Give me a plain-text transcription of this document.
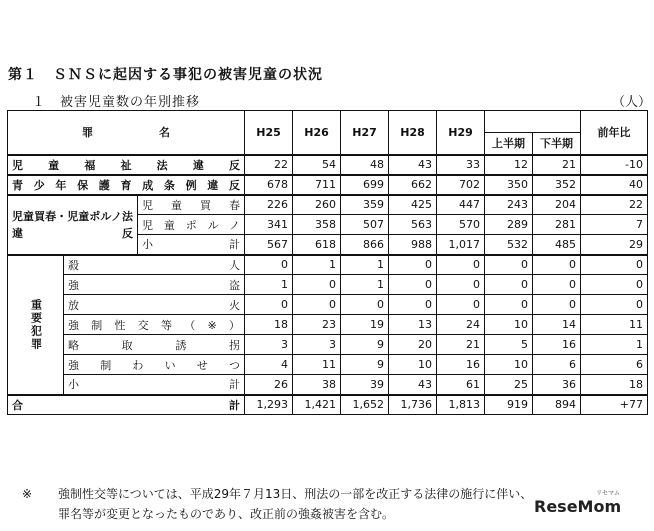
第１　ＳＮＳに起因する事犯の被害児童の状況
１　被害児童数の年別推移	（人）
罪 名			H25	H26	H27	H28	H29			前年比
								上半期	下半期	
児童福祉法違反			22	54	48	43	33	12	21	-10
青少年保護育成条例違反			678	711	699	662	702	350	352	40

児童買春・児童ポルノ法違反		児童買春	226	260	359	425	447	243	204	22
		児童ポルノ	341	358	507	563	570	289	281	7
		小計	567	618	866	988	1,017	532	485	29

重要犯罪	殺人		0	1	1	0	0	0	0	0
	強盗		1	0	1	0	0	0	0	0
	放火		0	0	0	0	0	0	0	0
	強制性交等（※）		18	23	19	13	24	10	14	11
	略取誘拐		3	3	9	20	21	5	16	1
	強制わいせつ		4	11	9	10	16	10	6	6
	小計		26	38	39	43	61	25	36	18

合 計			1,293	1,421	1,652	1,736	1,813	919	894	+77
※ 強制性交等については、平成29年７月13日、刑法の一部を改正する法律の施行に伴い、
罪名等が変更となったものであり、改正前の強姦被害を含む。	ReseMom
リセマム
